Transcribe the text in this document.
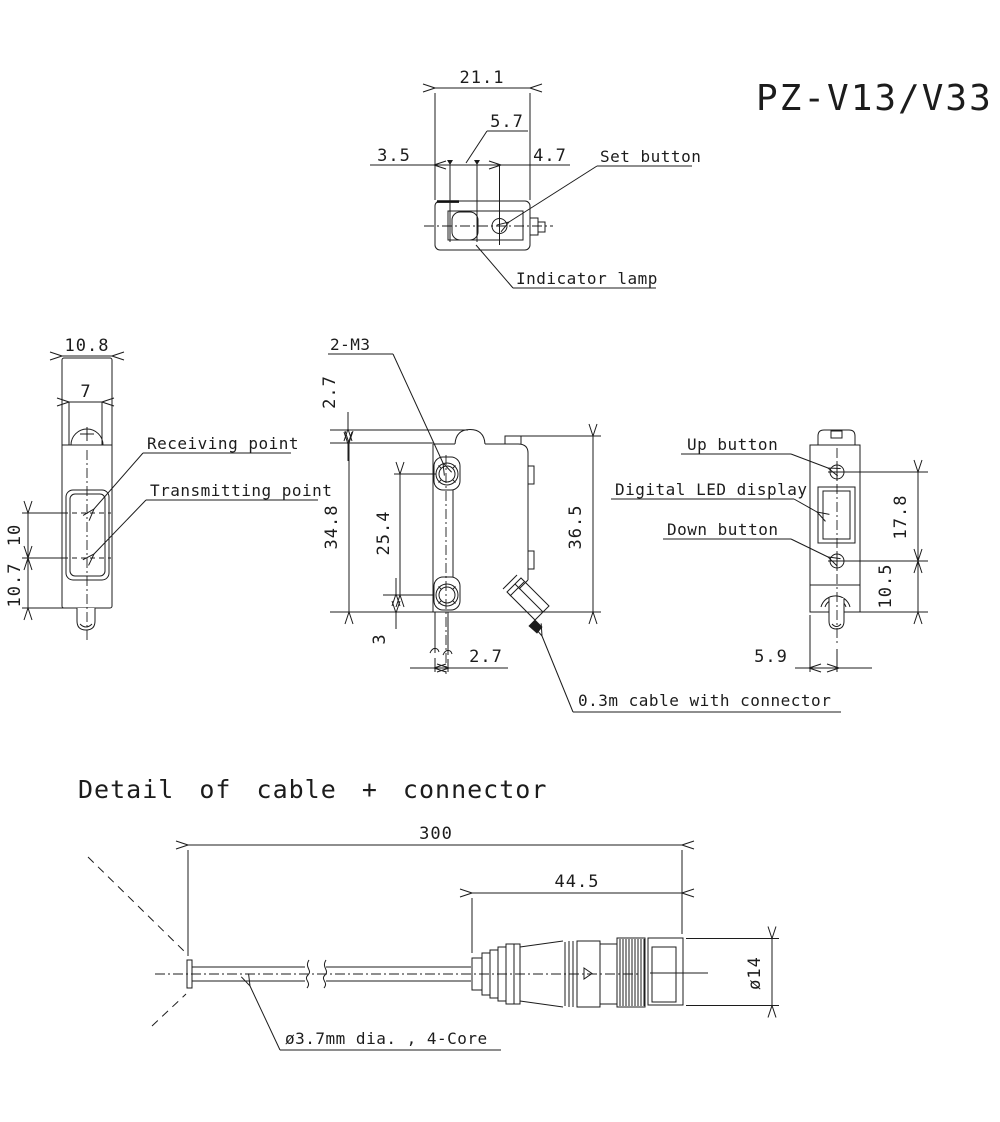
PZ-V13/V33
21.1
3.5	4.7
5.7
Set button
Indicator lamp
10.8
7
10
10.7
Receiving point
Transmitting point
2-M3
2.7
34.8 25.4
3
36.5
2.7
0.3m cable with connector
Up button
Digital LED display
Down button	17.8
10.5
5.9
Detail of cable + connector
300
44.5
ø14
ø3.7mm dia. , 4-Core
